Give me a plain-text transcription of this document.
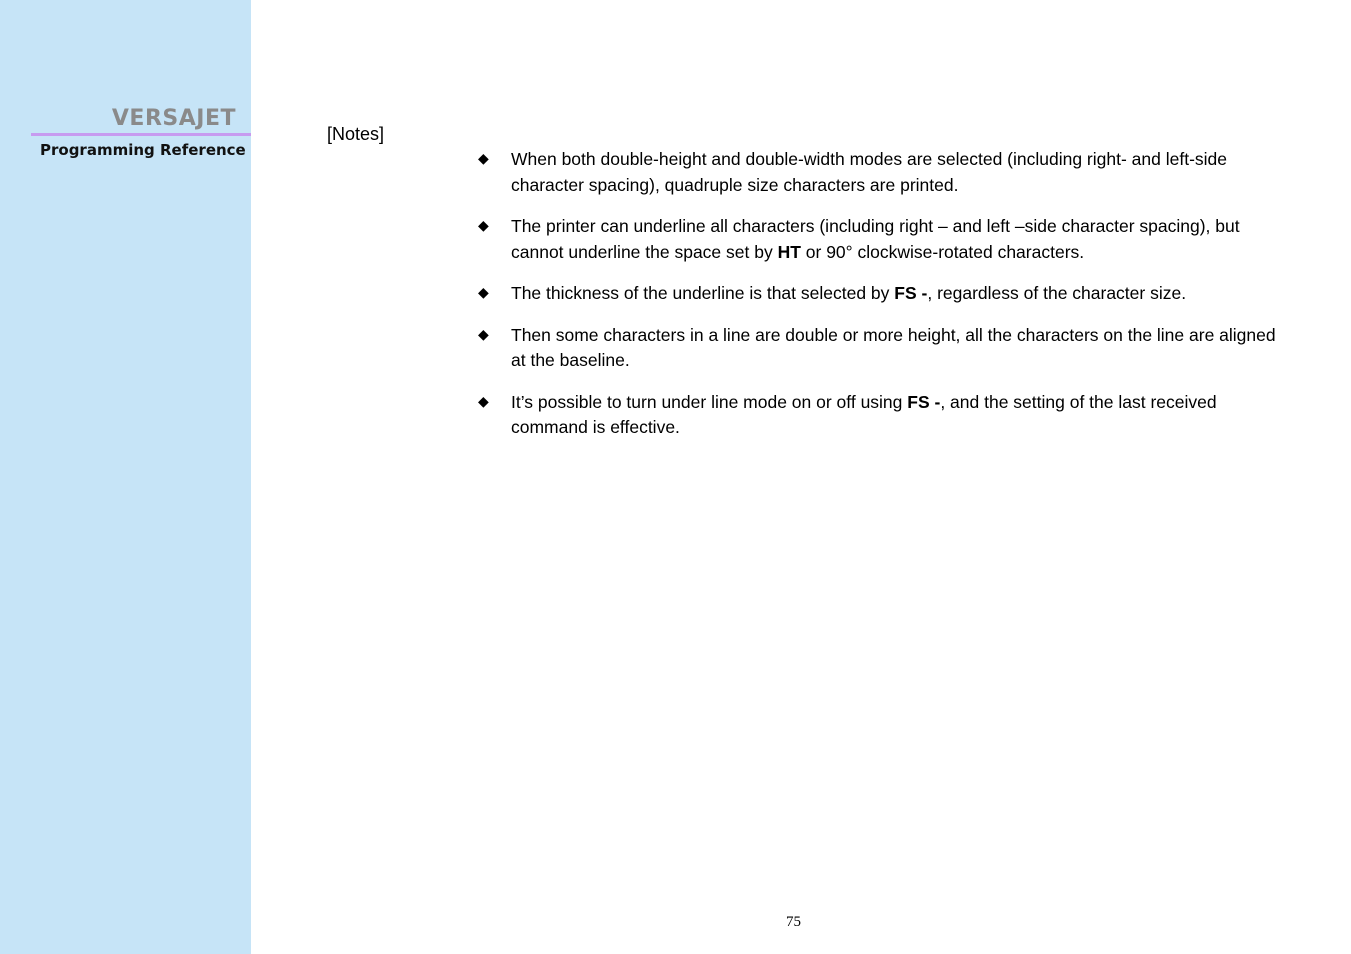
VERSAJET
Programming Reference
[Notes]
◆ When both double-height and double-width modes are selected (including right- and left-side character spacing), quadruple size characters are printed.
◆ The printer can underline all characters (including right – and left –side character spacing), but cannot underline the space set by HT or 90° clockwise-rotated characters.
◆ The thickness of the underline is that selected by FS -, regardless of the character size.
◆ Then some characters in a line are double or more height, all the characters on the line are aligned at the baseline.
◆ It’s possible to turn under line mode on or off using FS -, and the setting of the last received command is effective.
75
